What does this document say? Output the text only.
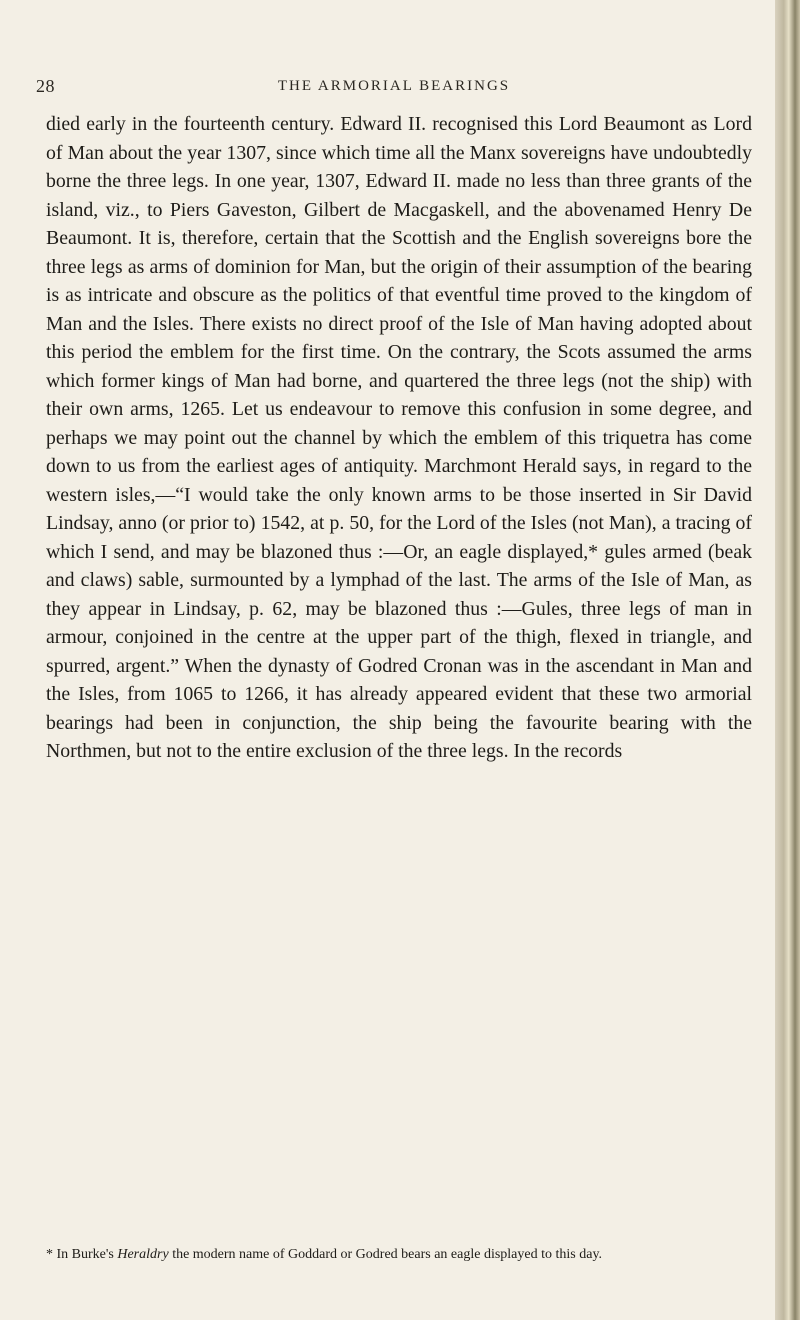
28	THE ARMORIAL BEARINGS

died early in the fourteenth century. Edward II. recognised this Lord Beaumont as Lord of Man about the year 1307, since which time all the Manx sovereigns have undoubtedly borne the three legs. In one year, 1307, Edward II. made no less than three grants of the island, viz., to Piers Gaveston, Gilbert de Macgaskell, and the abovenamed Henry De Beaumont. It is, therefore, certain that the Scottish and the English sovereigns bore the three legs as arms of dominion for Man, but the origin of their assumption of the bearing is as intricate and obscure as the politics of that eventful time proved to the kingdom of Man and the Isles. There exists no direct proof of the Isle of Man having adopted about this period the emblem for the first time. On the contrary, the Scots assumed the arms which former kings of Man had borne, and quartered the three legs (not the ship) with their own arms, 1265. Let us endeavour to remove this confusion in some degree, and perhaps we may point out the channel by which the emblem of this triquetra has come down to us from the earliest ages of antiquity. Marchmont Herald says, in regard to the western isles,—“I would take the only known arms to be those inserted in Sir David Lindsay, anno (or prior to) 1542, at p. 50, for the Lord of the Isles (not Man), a tracing of which I send, and may be blazoned thus :—Or, an eagle displayed,* gules armed (beak and claws) sable, surmounted by a lymphad of the last. The arms of the Isle of Man, as they appear in Lindsay, p. 62, may be blazoned thus :—Gules, three legs of man in armour, conjoined in the centre at the upper part of the thigh, flexed in triangle, and spurred, argent.” When the dynasty of Godred Cronan was in the ascendant in Man and the Isles, from 1065 to 1266, it has already appeared evident that these two armorial bearings had been in conjunction, the ship being the favourite bearing with the Northmen, but not to the entire exclusion of the three legs. In the records

* In Burke's Heraldry the modern name of Goddard or Godred bears an eagle displayed to this day.
